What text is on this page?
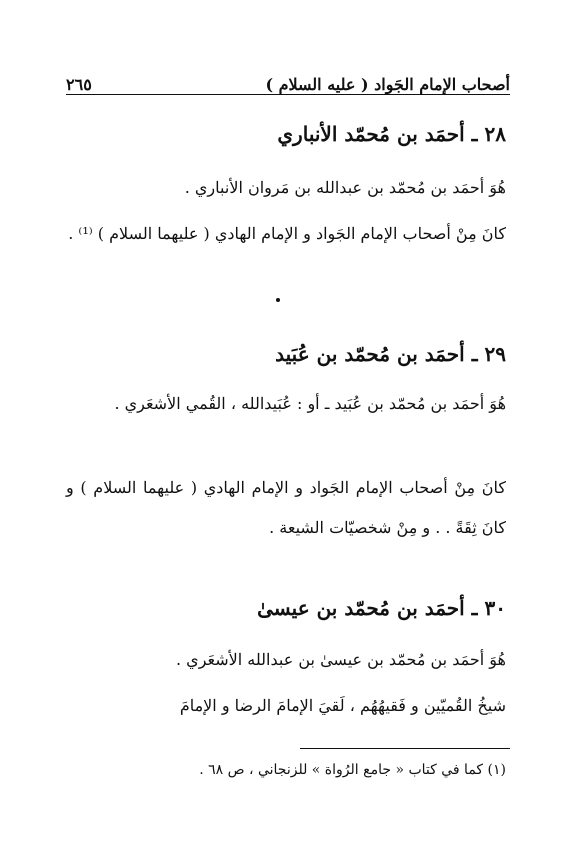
أصحاب الإمام الجَواد ( عليه السلام )
٢٦٥
٢٨ ـ أحمَد بن مُحمّد الأنباري
هُوَ أحمَد بن مُحمّد بن عبدالله بن مَروان الأنباري .
كانَ مِنْ أصحاب الإمام الجَواد و الإمام الهادي ( عليهما السلام ) ⁽¹⁾ .
٢٩ ـ أحمَد بن مُحمّد بن عُبَيد
هُوَ أحمَد بن مُحمّد بن عُبَيد ـ أو : عُبَيدالله ، القُمي الأشعَري .
كانَ مِنْ أصحاب الإمام الجَواد و الإمام الهادي ( عليهما السلام ) و كانَ ثِقَةً . . و مِنْ شخصيّات الشيعة .
٣٠ ـ أحمَد بن مُحمّد بن عيسىٰ
هُوَ أحمَد بن مُحمّد بن عيسىٰ بن عبدالله الأشعَري .
شيخُ القُميّين و فَقيهُهُم ، لَقيَ الإمامَ الرضا و الإمامَ
(١) كما في كتاب « جامع الرُواة » للزنجاني ، ص ٦٨ .
